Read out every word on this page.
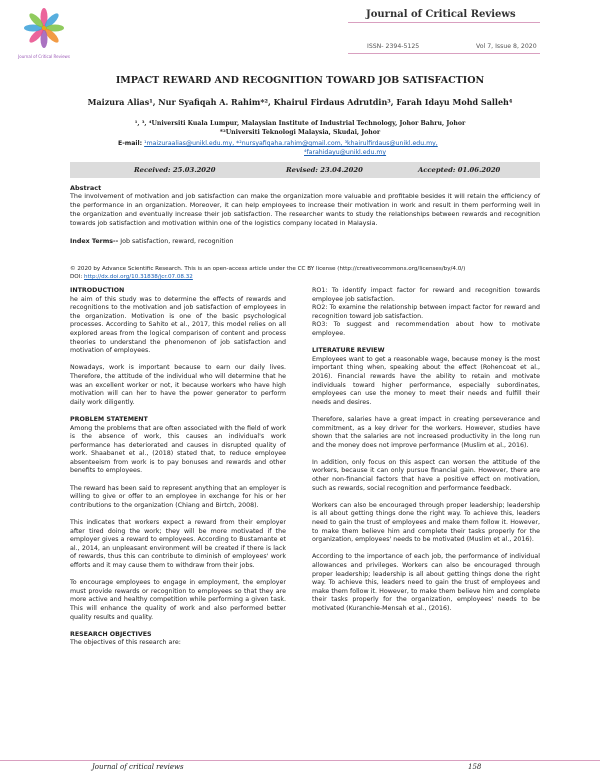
Journal of Critical Reviews
Journal of Critical Reviews
ISSN- 2394-5125	Vol 7, Issue 8, 2020
IMPACT REWARD AND RECOGNITION TOWARD JOB SATISFACTION
Maizura Alias¹, Nur Syafiqah A. Rahim*², Khairul Firdaus Adrutdin³, Farah Idayu Mohd Salleh⁴
¹, ³, ⁴Universiti Kuala Lumpur, Malaysian Institute of Industrial Technology, Johor Bahru, Johor
*²Universiti Teknologi Malaysia, Skudai, Johor
E-mail: ¹maizuraalias@unikl.edu.my, *²nursyafiqaha.rahim@gmail.com, ³khairulfirdaus@unikl.edu.my,
⁴farahidayu@unikl.edu.my
Received: 25.03.2020	Revised: 23.04.2020	Accepted: 01.06.2020
Abstract
The involvement of motivation and job satisfaction can make the organization more valuable and profitable besides it will retain the efficiency of the performance in an organization. Moreover, it can help employees to increase their motivation in work and result in them performing well in the organization and eventually increase their job satisfaction. The researcher wants to study the relationships between rewards and recognition towards job satisfaction and motivation within one of the logistics company located in Malaysia.
Index Terms-- Job satisfaction, reward, recognition
© 2020 by Advance Scientific Research. This is an open-access article under the CC BY license (http://creativecommons.org/licenses/by/4.0/)
DOI: http://dx.doi.org/10.31838/jcr.07.08.32

INTRODUCTION

he aim of this study was to determine the effects of rewards and recognitions to the motivation and job satisfaction of employees in the organization. Motivation is one of the basic psychological processes. According to Sahito et al., 2017, this model relies on all explored areas from the logical comparison of content and process theories to understand the phenomenon of job satisfaction and motivation of employees.

Nowadays, work is important because to earn our daily lives. Therefore, the attitude of the individual who will determine that he was an excellent worker or not, it because workers who have high motivation will can her to have the power generator to perform daily work diligently.

PROBLEM STATEMENT

Among the problems that are often associated with the field of work is the absence of work, this causes an individual's work performance has deteriorated and causes in disrupted quality of work. Shaabanet et al., (2018) stated that, to reduce employee absenteeism from work is to pay bonuses and rewards and other benefits to employees.

The reward has been said to represent anything that an employer is willing to give or offer to an employee in exchange for his or her contributions to the organization (Chiang and Birtch, 2008).

This indicates that workers expect a reward from their employer after tired doing the work; they will be more motivated if the employer gives a reward to employees. According to Bustamante et al., 2014, an unpleasant environment will be created if there is lack of rewards, thus this can contribute to diminish of employees' work efforts and it may cause them to withdraw from their jobs.

To encourage employees to engage in employment, the employer must provide rewards or recognition to employees so that they are more active and healthy competition while performing a given task. This will enhance the quality of work and also performed better quality results and quality.

RESEARCH OBJECTIVES

The objectives of this research are:

RO1: To identify impact factor for reward and recognition towards employee job satisfaction.

RO2: To examine the relationship between impact factor for reward and recognition toward job satisfaction.

RO3: To suggest and recommendation about how to motivate employee.

LITERATURE REVIEW

Employees want to get a reasonable wage, because money is the most important thing when, speaking about the effect (Rohencoat et al., 2016). Financial rewards have the ability to retain and motivate individuals toward higher performance, especially subordinates, employees can use the money to meet their needs and fulfill their needs and desires.

Therefore, salaries have a great impact in creating perseverance and commitment, as a key driver for the workers. However, studies have shown that the salaries are not increased productivity in the long run and the money does not improve performance (Muslim et al., 2016).

In addition, only focus on this aspect can worsen the attitude of the workers, because it can only pursue financial gain. However, there are other non-financial factors that have a positive effect on motivation, such as rewards, social recognition and performance feedback.

Workers can also be encouraged through proper leadership; leadership is all about getting things done the right way. To achieve this, leaders need to gain the trust of employees and make them follow it. However, to make them believe him and complete their tasks properly for the organization, employees' needs to be motivated (Muslim et al., 2016).

According to the importance of each job, the performance of individual allowances and privileges. Workers can also be encouraged through proper leadership; leadership is all about getting things done the right way. To achieve this, leaders need to gain the trust of employees and make them follow it. However, to make them believe him and complete their tasks properly for the organization, employees' needs to be motivated (Kuranchie-Mensah et al., (2016).

Journal of critical reviews	158
